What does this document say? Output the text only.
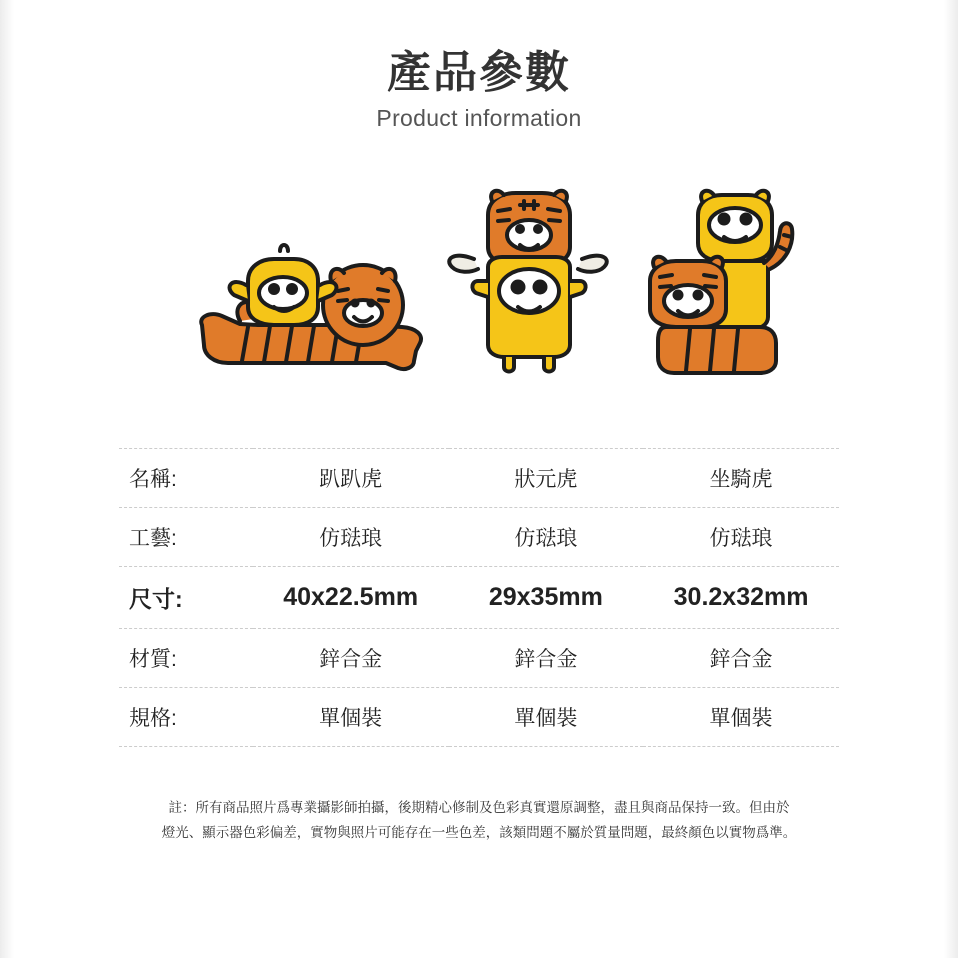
產品參數
Product information
名稱:	趴趴虎	狀元虎	坐騎虎
工藝:	仿琺琅	仿琺琅	仿琺琅
尺寸:	40x22.5mm	29x35mm	30.2x32mm
材質:	鋅合金	鋅合金	鋅合金
規格:	單個裝	單個裝	單個裝
註：所有商品照片爲專業攝影師拍攝，後期精心修制及色彩真實還原調整，盡且與商品保持一致。但由於
燈光、顯示器色彩偏差，實物與照片可能存在一些色差，該類問題不屬於質量問題，最終顏色以實物爲準。
